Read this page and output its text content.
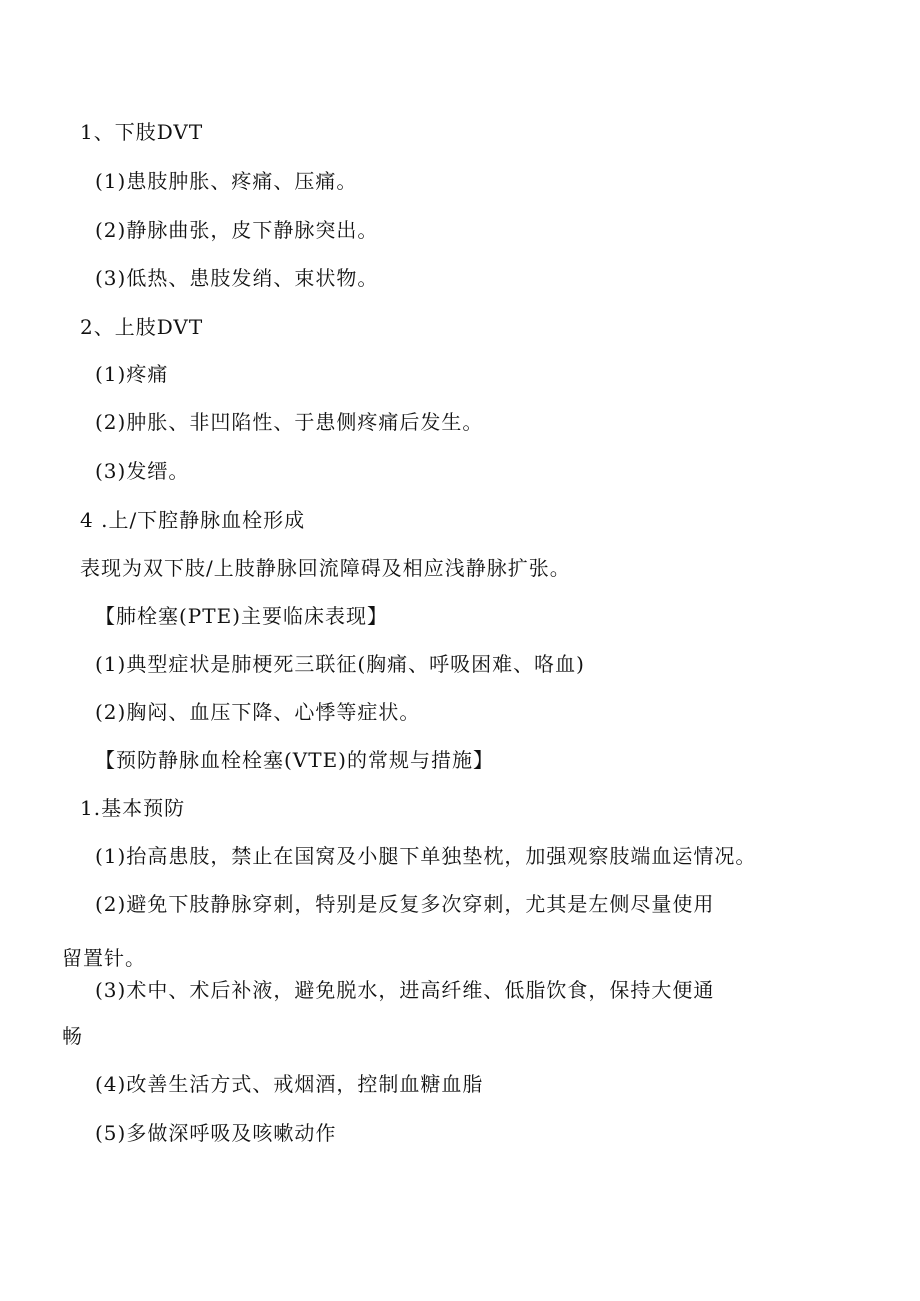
1、下肢DVT
(1)患肢肿胀、疼痛、压痛。
(2)静脉曲张，皮下静脉突出。
(3)低热、患肢发绡、束状物。
2、上肢DVT
(1)疼痛
(2)肿胀、非凹陷性、于患侧疼痛后发生。
(3)发缙。
4 .上/下腔静脉血栓形成
表现为双下肢/上肢静脉回流障碍及相应浅静脉扩张。
【肺栓塞(PTE)主要临床表现】
(1)典型症状是肺梗死三联征(胸痛、呼吸困难、咯血)
(2)胸闷、血压下降、心悸等症状。
【预防静脉血栓栓塞(VTE)的常规与措施】
1.基本预防
(1)抬高患肢，禁止在国窝及小腿下单独垫枕，加强观察肢端血运情况。
(2)避免下肢静脉穿刺，特别是反复多次穿刺，尤其是左侧尽量使用
留置针。
(3)术中、术后补液，避免脱水，进高纤维、低脂饮食，保持大便通
畅
(4)改善生活方式、戒烟酒，控制血糖血脂
(5)多做深呼吸及咳嗽动作
